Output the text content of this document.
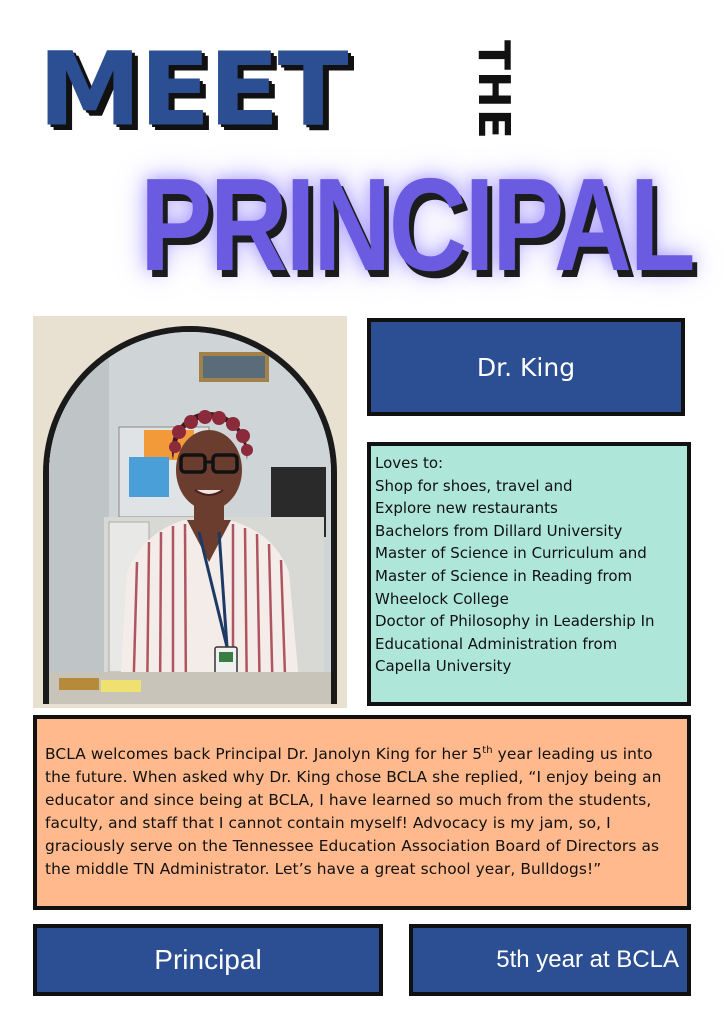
MEET	THE
PRINCIPAL
Dr. King
Loves to:
Shop for shoes, travel and
Explore new restaurants
Bachelors from Dillard University
Master of Science in Curriculum and
Master of Science in Reading from
Wheelock College
Doctor of Philosophy in Leadership In
Educational Administration from
Capella University

BCLA welcomes back Principal Dr. Janolyn King for her 5th year leading us into the future. When asked why Dr. King chose BCLA she replied, “I enjoy being an educator and since being at BCLA, I have learned so much from the students, faculty, and staff that I cannot contain myself! Advocacy is my jam, so, I graciously serve on the Tennessee Education Association Board of Directors as the middle TN Administrator. Let’s have a great school year, Bulldogs!”

Principal	5th year at BCLA
